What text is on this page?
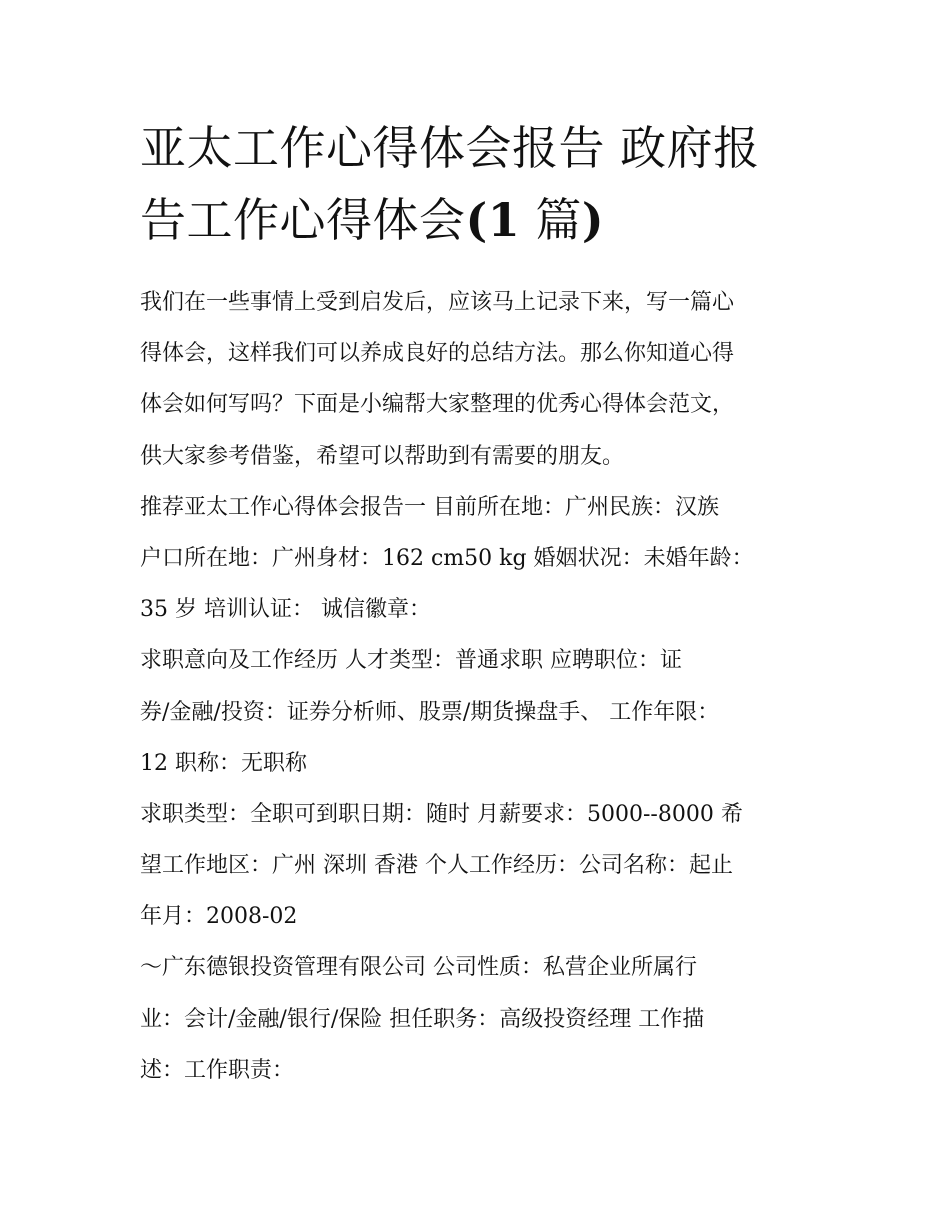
亚太工作心得体会报告 政府报
告工作心得体会(1 篇)
我们在一些事情上受到启发后，应该马上记录下来，写一篇心
得体会，这样我们可以养成良好的总结方法。那么你知道心得
体会如何写吗？下面是小编帮大家整理的优秀心得体会范文，
供大家参考借鉴，希望可以帮助到有需要的朋友。
推荐亚太工作心得体会报告一 目前所在地：广州民族：汉族
户口所在地：广州身材：162 cm50 kg 婚姻状况：未婚年龄：
35 岁 培训认证： 诚信徽章：
求职意向及工作经历 人才类型：普通求职 应聘职位：证
券/金融/投资：证券分析师、股票/期货操盘手、 工作年限：
12 职称：无职称
求职类型：全职可到职日期：随时 月薪要求：5000--8000 希
望工作地区：广州 深圳 香港 个人工作经历：公司名称：起止
年月：2008-02
～广东德银投资管理有限公司 公司性质：私营企业所属行
业：会计/金融/银行/保险 担任职务：高级投资经理 工作描
述：工作职责：
